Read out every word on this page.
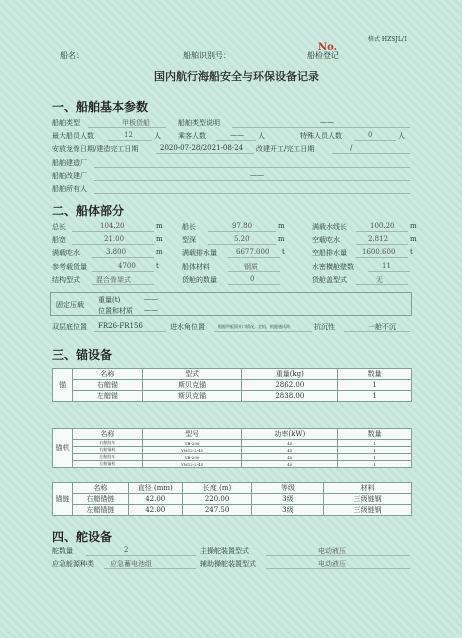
格式 HZSJL/1
船名：	船舶识别号：	船检登记
No.
国内航行海船安全与环保设备记录
一、船舶基本参数
船舶类型	甲板货船	船舶类型说明	——
最大船员人数	12	人 乘客人数	—— 人	特殊人员人数	0	人
安放龙骨日期/建造完工日期	2020-07-28/2021-08-24 改建开工/完工日期	/
船舶建造厂
船舶改建厂	——
船舶所有人
二、船体部分
总长	104.20	m	船长	97.80	m	满载水线长	100.20 m
船宽	21.00	m	型深	5.20	m	空载吃水	2.812	m
满载吃水	3.800	m	满载排水量	6677.000 t	空船排水量 1600.600 t
参考载货量	4700	t	船体材料	钢质	水密横舱壁数	11
结构型式 混合骨架式	货舱的数量	0	货舱盖型式	无
固定压载
重量(t)	——
位置和材质 ——
双层底位置 FR26-FR156	进水角位置	根据甲板面开口情况，定机、机舱通风筒	抗沉性	一舱不沉
三、锚设备
锚	名称	型式	重量(kg)	数量
	右艏锚	斯贝克锚	2862.00	1
	左艏锚	斯贝克锚	2838.00	1
锚机	名称	型号	功率(kW)	数量
	右舷绞车	YB-200	45	1
	右舷锚机	YM12-2-45	45	1
	左舷绞车	YB-200	45	1
	左舷锚机	YM12-2-45	45	1
锚链	名称	直径 (mm)	长度 (m)	等级	材料
	右艏锚链	42.00	220.00	3级	三级链钢
	左艏锚链	42.00	247.50	3级	三级链钢
四、舵设备
舵数量	2	主操舵装置型式	电动液压
应急能源种类 应急蓄电池组	辅助操舵装置型式	电动液压
